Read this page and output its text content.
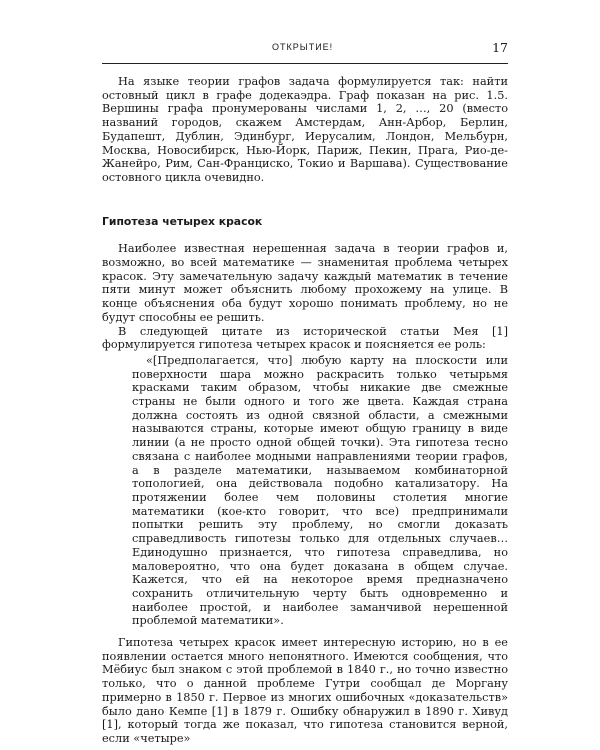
ОТКРЫТИЕ!	17

На языке теории графов задача формулируется так: найти остовный цикл в графе додекаэдра. Граф показан на рис. 1.5. Вершины графа пронумерованы числами 1, 2, …, 20 (вместо названий городов, скажем Амстердам, Анн-Арбор, Берлин, Будапешт, Дублин, Эдинбург, Иерусалим, Лондон, Мельбурн, Москва, Новосибирск, Нью-Йорк, Париж, Пекин, Прага, Рио-де-Жанейро, Рим, Сан-Франциско, Токио и Варшава). Существование остовного цикла очевидно.

Гипотеза четырех красок

Наиболее известная нерешенная задача в теории графов и, возможно, во всей математике — знаменитая проблема четырех красок. Эту замечательную задачу каждый математик в течение пяти минут может объяснить любому прохожему на улице. В конце объяснения оба будут хорошо понимать проблему, но не будут способны ее решить.

В следующей цитате из исторической статьи Мея [1] формулируется гипотеза четырех красок и поясняется ее роль:

«[Предполагается, что] любую карту на плоскости или поверхности шара можно раскрасить только четырьмя красками таким образом, чтобы никакие две смежные страны не были одного и того же цвета. Каждая страна должна состоять из одной связной области, а смежными называются страны, которые имеют общую границу в виде линии (а не просто одной общей точки). Эта гипотеза тесно связана с наиболее модными направлениями теории графов, а в разделе математики, называемом комбинаторной топологией, она действовала подобно катализатору. На протяжении более чем половины столетия многие математики (кое-кто говорит, что все) предпринимали попытки решить эту проблему, но смогли доказать справедливость гипотезы только для отдельных случаев… Единодушно признается, что гипотеза справедлива, но маловероятно, что она будет доказана в общем случае. Кажется, что ей на некоторое время предназначено сохранить отличительную черту быть одновременно и наиболее простой, и наиболее заманчивой нерешенной проблемой математики».

Гипотеза четырех красок имеет интересную историю, но в ее появлении остается много непонятного. Имеются сообщения, что Мёбиус был знаком с этой проблемой в 1840 г., но точно известно только, что о данной проблеме Гутри сообщал де Моргану примерно в 1850 г. Первое из многих ошибочных «доказательств» было дано Кемпе [1] в 1879 г. Ошибку обнаружил в 1890 г. Хивуд [1], который тогда же показал, что гипотеза становится верной, если «четыре»
